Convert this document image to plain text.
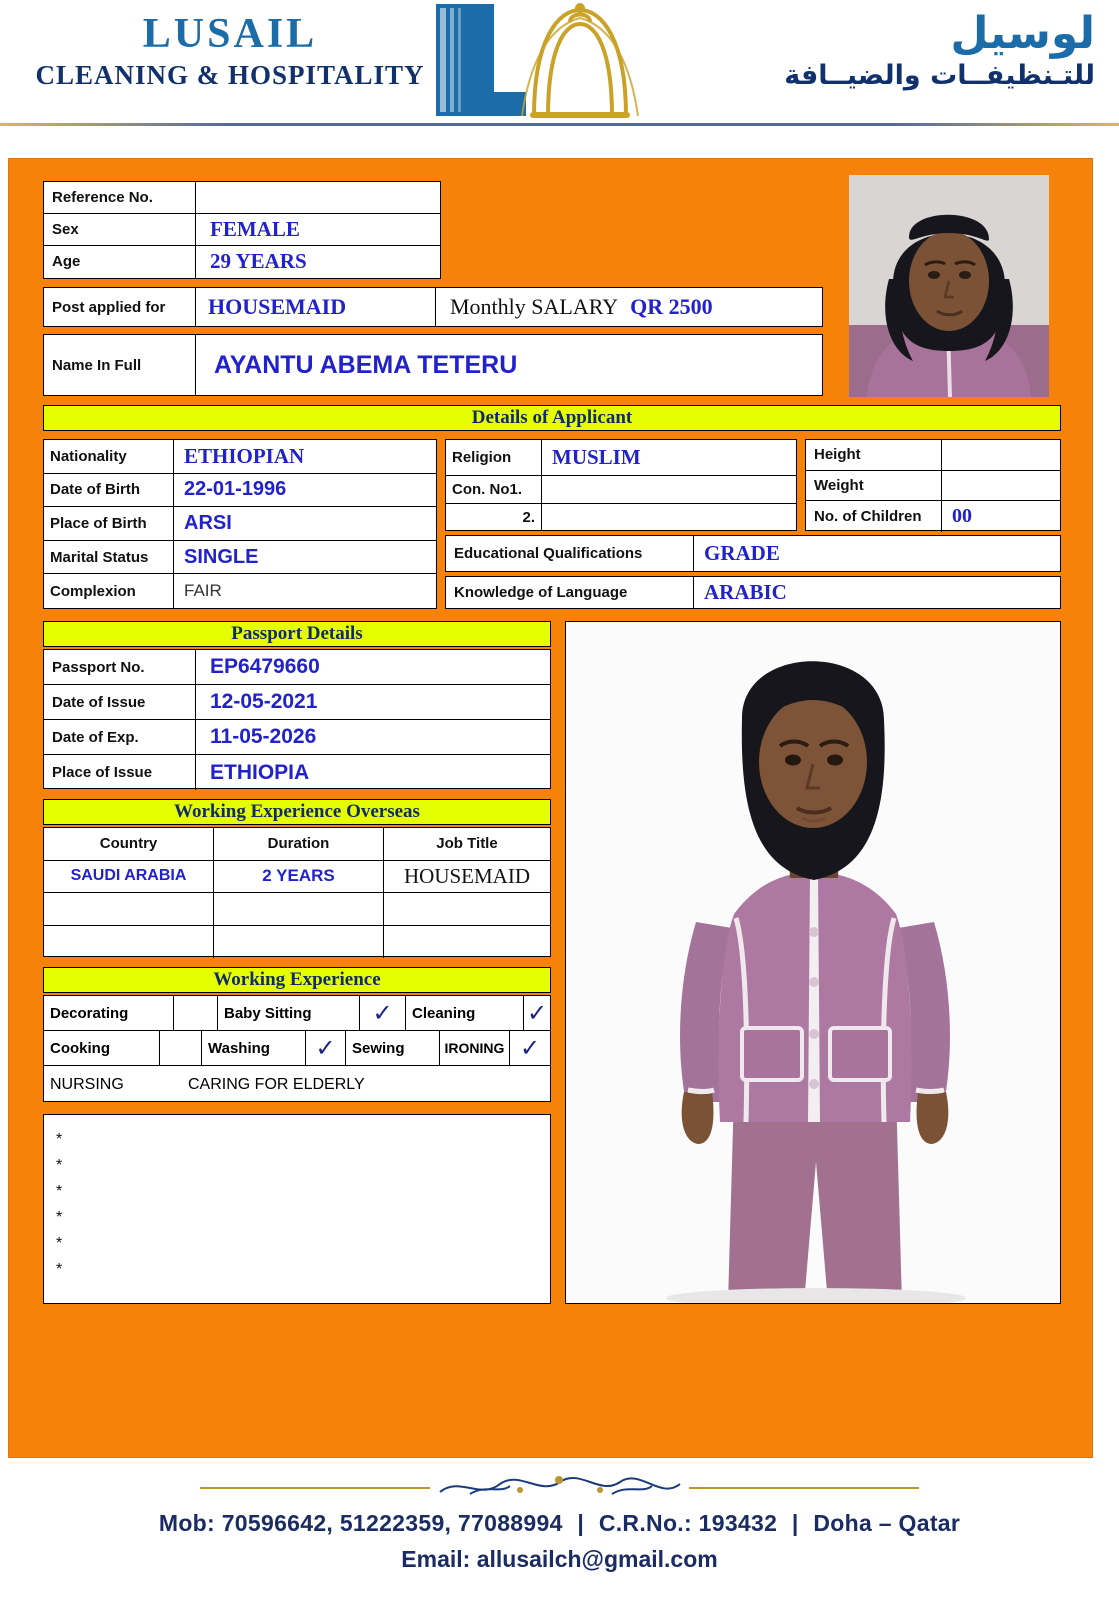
LUSAIL
CLEANING & HOSPITALITY
لوسيل
للتـنظيفــات والضيــافة
Reference No.
Sex	FEMALE
Age	29 YEARS
Post applied for	HOUSEMAID	Monthly SALARY QR 2500
Name In Full	AYANTU ABEMA TETERU
Details of Applicant
Nationality	ETHIOPIAN
Date of Birth	22-01-1996
Place of Birth	ARSI
Marital Status	SINGLE
Complexion	FAIR
Religion	MUSLIM
Con. No1.
2.
Height
Weight
No. of Children	00
Educational Qualifications	GRADE
Knowledge of Language	ARABIC
Passport Details
Passport No.	EP6479660
Date of Issue	12-05-2021
Date of Exp.	11-05-2026
Place of Issue	ETHIOPIA
Working Experience Overseas
Country	Duration	Job Title
SAUDI ARABIA	2 YEARS	HOUSEMAID
Working Experience
Decorating	Baby Sitting	✓	Cleaning	✓
Cooking	Washing	✓	Sewing	IRONING ✓
NURSING	CARING FOR ELDERLY
*
*
*
*
*
*
Mob: 70596642, 51222359, 77088994 | C.R.No.: 193432 | Doha – Qatar
Email: allusailch@gmail.com
